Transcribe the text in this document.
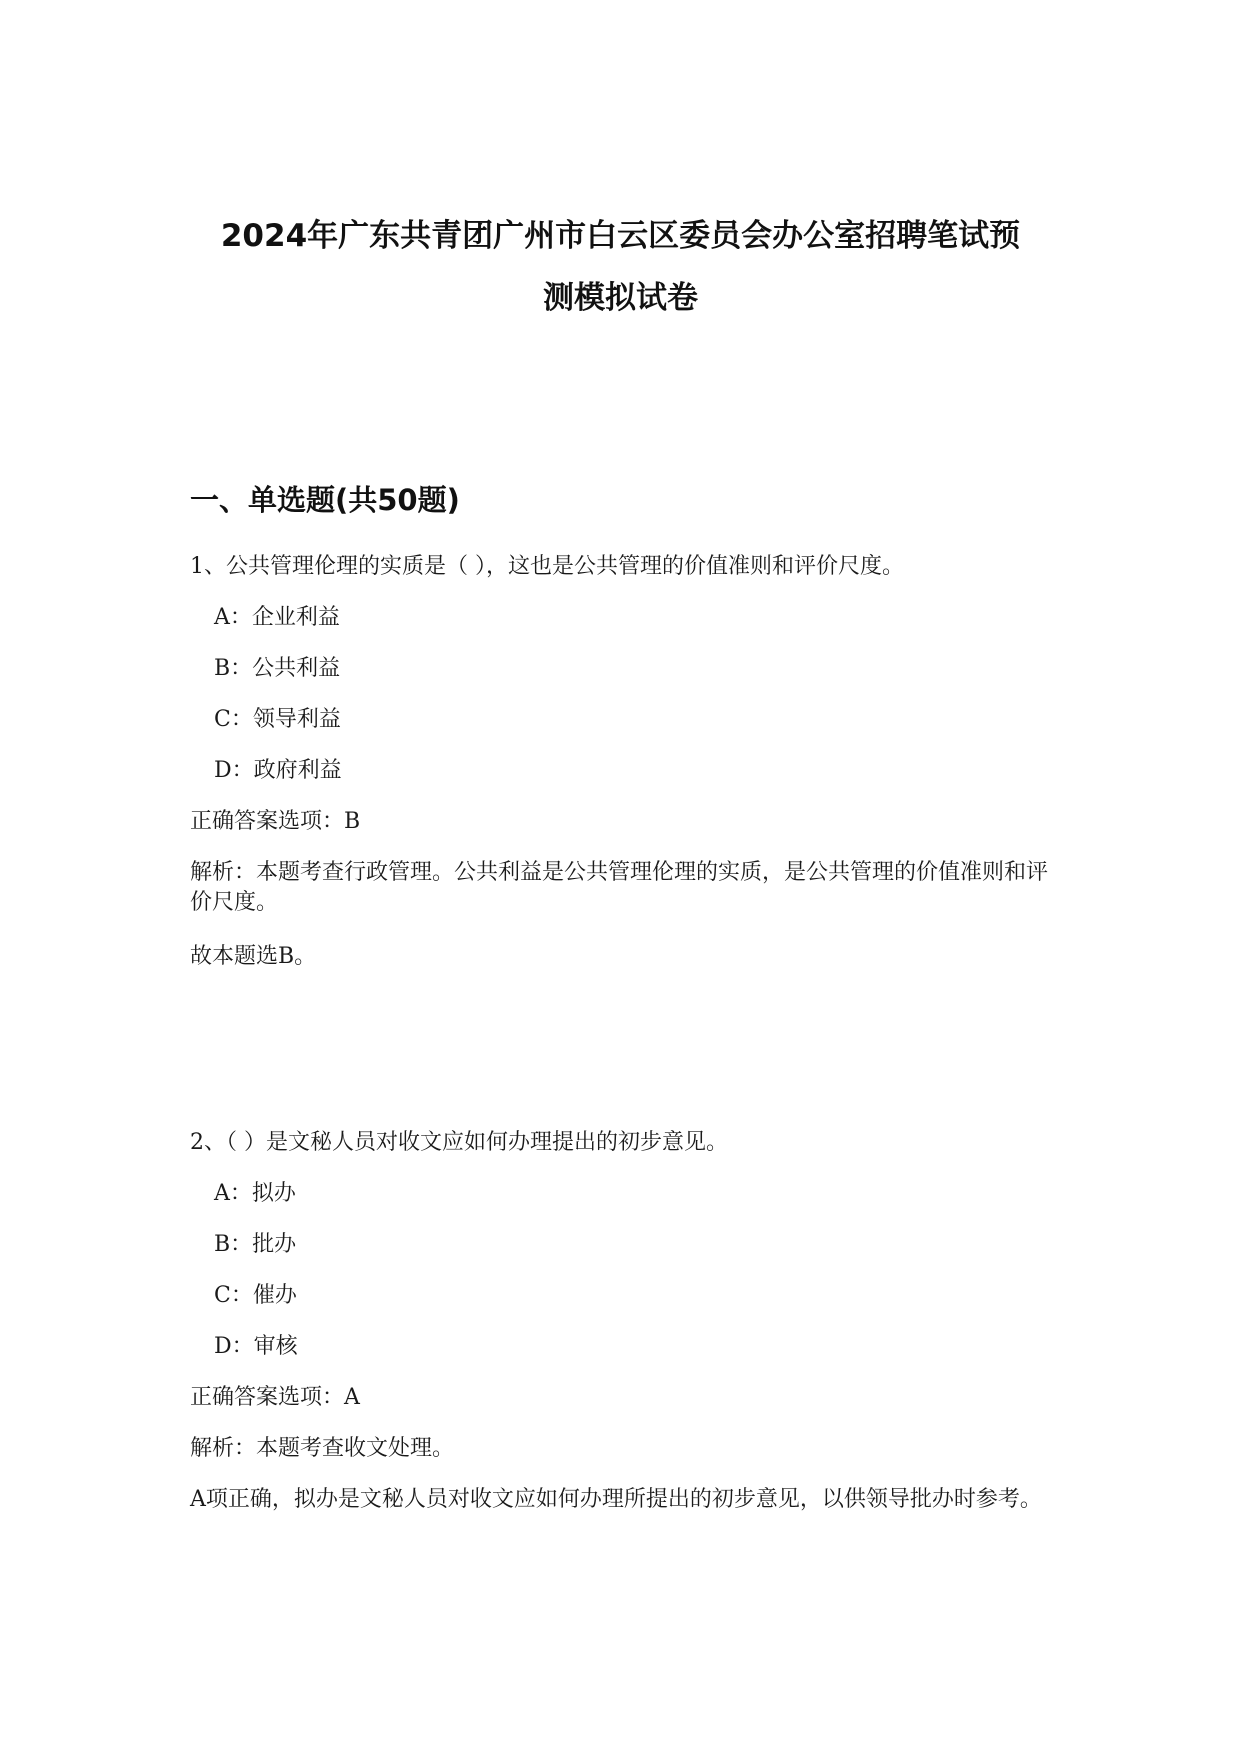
2024年广东共青团广州市白云区委员会办公室招聘笔试预
测模拟试卷
一、单选题(共50题)
1、公共管理伦理的实质是（ ），这也是公共管理的价值准则和评价尺度。
A：企业利益
B：公共利益
C：领导利益
D：政府利益
正确答案选项：B
解析：本题考查行政管理。公共利益是公共管理伦理的实质，是公共管理的价值准则和评价尺度。
故本题选B。
2、（ ）是文秘人员对收文应如何办理提出的初步意见。
A：拟办
B：批办
C：催办
D：审核
正确答案选项：A
解析：本题考查收文处理。
A项正确，拟办是文秘人员对收文应如何办理所提出的初步意见，以供领导批办时参考。
